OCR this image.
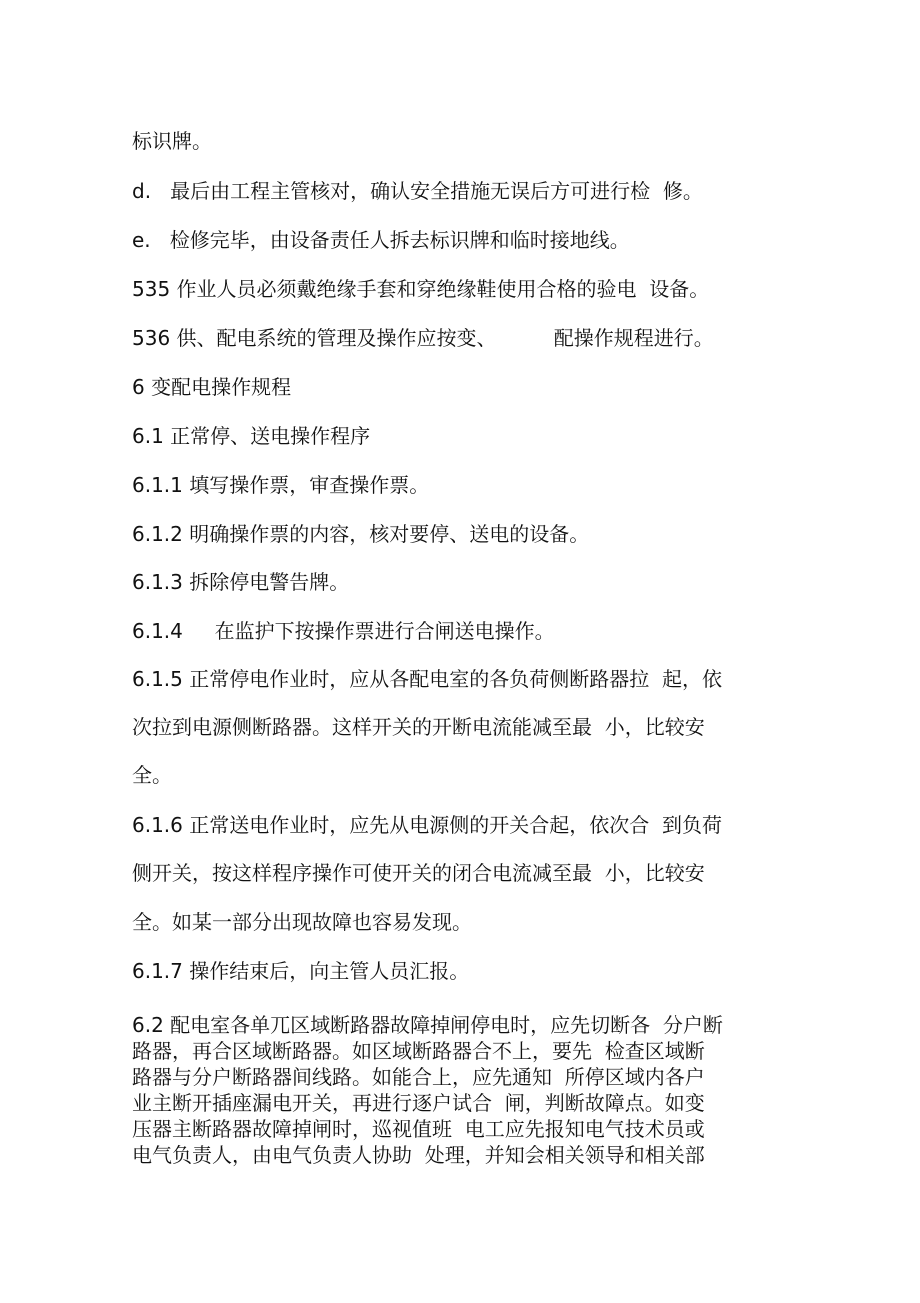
标识牌。
d.   最后由工程主管核对，确认安全措施无误后方可进行检  修。
e.   检修完毕，由设备责任人拆去标识牌和临时接地线。
535 作业人员必须戴绝缘手套和穿绝缘鞋使用合格的验电  设备。
536 供、配电系统的管理及操作应按变、         配操作规程进行。
6 变配电操作规程
6.1 正常停、送电操作程序
6.1.1 填写操作票，审查操作票。
6.1.2 明确操作票的内容，核对要停、送电的设备。
6.1.3 拆除停电警告牌。
6.1.4     在监护下按操作票进行合闸送电操作。
6.1.5 正常停电作业时，应从各配电室的各负荷侧断路器拉  起，依
次拉到电源侧断路器。这样开关的开断电流能减至最  小，比较安
全。
6.1.6 正常送电作业时，应先从电源侧的开关合起，依次合  到负荷
侧开关，按这样程序操作可使开关的闭合电流减至最  小，比较安
全。如某一部分出现故障也容易发现。
6.1.7 操作结束后，向主管人员汇报。

6.2 配电室各单兀区域断路器故障掉闸停电时，应先切断各  分户断

路器，再合区域断路器。如区域断路器合不上，要先  检查区域断

路器与分户断路器间线路。如能合上，应先通知  所停区域内各户

业主断开插座漏电开关，再进行逐户试合  闸，判断故障点。如变

压器主断路器故障掉闸时，巡视值班  电工应先报知电气技术员或

电气负责人，由电气负责人协助  处理，并知会相关领导和相关部
